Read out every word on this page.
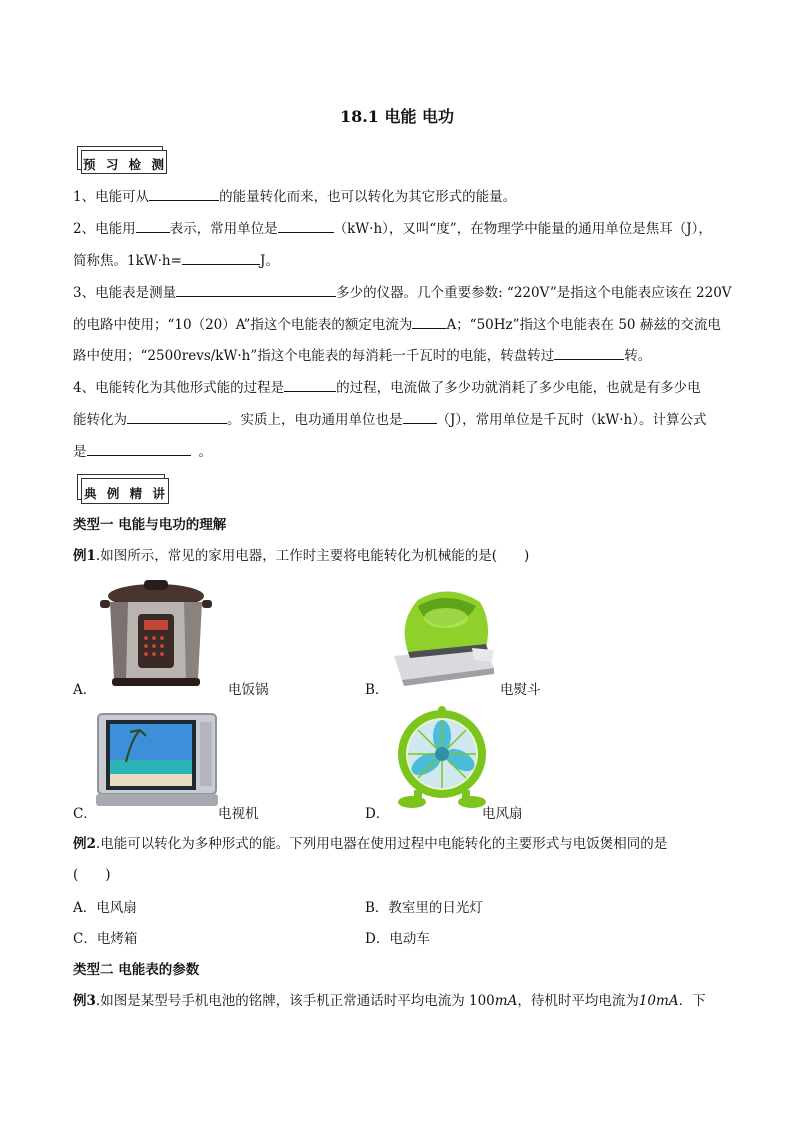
18.1 电能 电功
预 习 检 测
1、电能可从	的能量转化而来，也可以转化为其它形式的能量。
2、电能用	表示，常用单位是	（kW·h），又叫“度”，在物理学中能量的通用单位是焦耳（J），
简称焦。1kW·h=	J。
3、电能表是测量	多少的仪器。几个重要参数: “220V”是指这个电能表应该在 220V
的电路中使用；“10（20）A”指这个电能表的额定电流为	A；“50Hz”指这个电能表在 50 赫兹的交流电
路中使用；“2500revs/kW·h”指这个电能表的每消耗一千瓦时的电能，转盘转过	转。
4、电能转化为其他形式能的过程是	的过程，电流做了多少功就消耗了多少电能，也就是有多少电
能转化为	。实质上，电功通用单位也是	（J），常用单位是千瓦时（kW·h）。计算公式
是	。
典 例 精 讲
类型一 电能与电功的理解
例1.如图所示，常见的家用电器，工作时主要将电能转化为机械能的是(　　)
A．	电饭锅	B．	电熨斗
C．	电视机	D．	电风扇
例2.电能可以转化为多种形式的能。下列用电器在使用过程中电能转化的主要形式与电饭煲相同的是
(　　)
A．电风扇	B．教室里的日光灯
C．电烤箱	D．电动车
类型二 电能表的参数
例3.如图是某型号手机电池的铭牌，该手机正常通话时平均电流为 100mA，待机时平均电流为10mA．下
